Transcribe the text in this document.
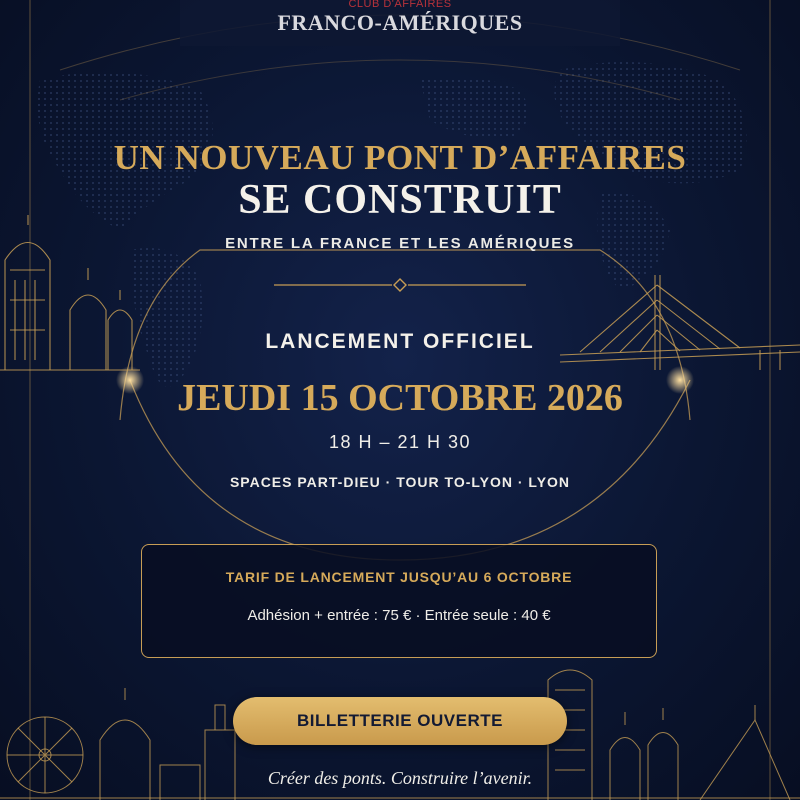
CLUB D'AFFAIRES
FRANCO-AMÉRIQUES
UN NOUVEAU PONT D’AFFAIRES
SE CONSTRUIT
ENTRE LA FRANCE ET LES AMÉRIQUES
LANCEMENT OFFICIEL
JEUDI 15 OCTOBRE 2026
18 H – 21 H 30
SPACES PART-DIEU · TOUR TO-LYON · LYON
TARIF DE LANCEMENT JUSQU’AU 6 OCTOBRE
Adhésion + entrée : 75 € · Entrée seule : 40 €
BILLETTERIE OUVERTE
Créer des ponts. Construire l’avenir.
